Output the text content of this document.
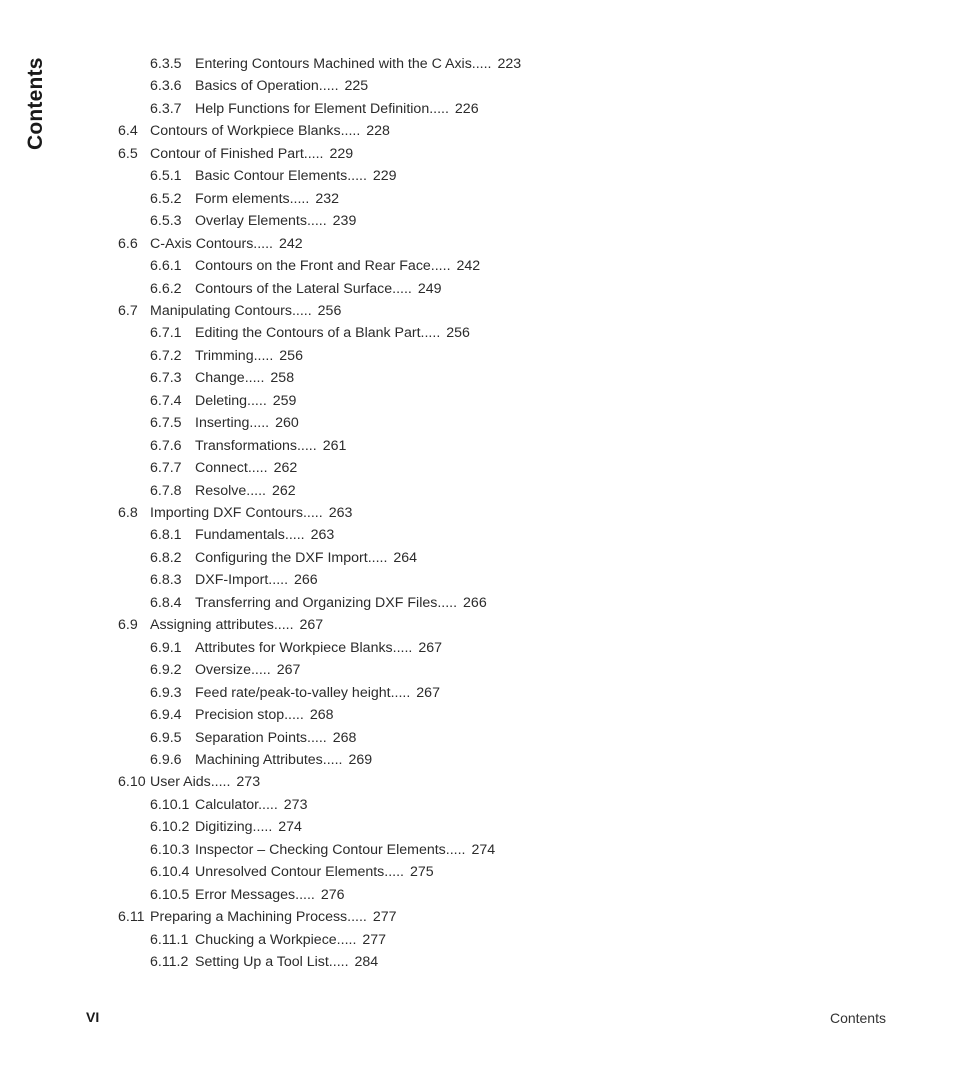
Contents	6.3.5 Entering Contours Machined with the C Axis..... 223
6.3.6 Basics of Operation..... 225
6.3.7 Help Functions for Element Definition..... 226
6.4 Contours of Workpiece Blanks..... 228
6.5 Contour of Finished Part..... 229
6.5.1 Basic Contour Elements..... 229
6.5.2 Form elements..... 232
6.5.3 Overlay Elements..... 239
6.6 C-Axis Contours..... 242
6.6.1 Contours on the Front and Rear Face..... 242
6.6.2 Contours of the Lateral Surface..... 249
6.7 Manipulating Contours..... 256
6.7.1 Editing the Contours of a Blank Part..... 256
6.7.2 Trimming..... 256
6.7.3 Change..... 258
6.7.4 Deleting..... 259
6.7.5 Inserting..... 260
6.7.6 Transformations..... 261
6.7.7 Connect..... 262
6.7.8 Resolve..... 262
6.8 Importing DXF Contours..... 263
6.8.1 Fundamentals..... 263
6.8.2 Configuring the DXF Import..... 264
6.8.3 DXF-Import..... 266
6.8.4 Transferring and Organizing DXF Files..... 266
6.9 Assigning attributes..... 267
6.9.1 Attributes for Workpiece Blanks..... 267
6.9.2 Oversize..... 267
6.9.3 Feed rate/peak-to-valley height..... 267
6.9.4 Precision stop..... 268
6.9.5 Separation Points..... 268
6.9.6 Machining Attributes..... 269
6.10 User Aids..... 273
6.10.1 Calculator..... 273
6.10.2 Digitizing..... 274
6.10.3 Inspector – Checking Contour Elements..... 274
6.10.4 Unresolved Contour Elements..... 275
6.10.5 Error Messages..... 276
6.11 Preparing a Machining Process..... 277
6.11.1 Chucking a Workpiece..... 277
6.11.2 Setting Up a Tool List..... 284
VI	Contents
